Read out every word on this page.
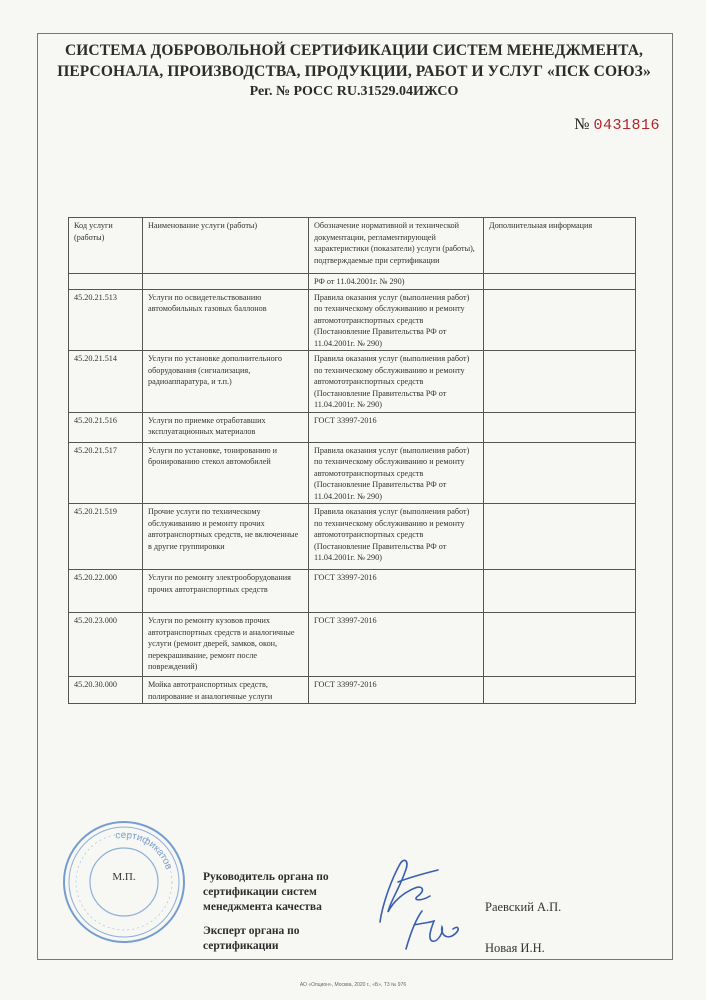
СИСТЕМА ДОБРОВОЛЬНОЙ СЕРТИФИКАЦИИ СИСТЕМ МЕНЕДЖМЕНТА,
ПЕРСОНАЛА, ПРОИЗВОДСТВА, ПРОДУКЦИИ, РАБОТ И УСЛУГ «ПСК СОЮЗ»
Рег. № РОСС RU.31529.04ИЖСО
№ 0431816
Код услуги (работы)	Наименование услуги (работы)	Обозначение нормативной и технической документации, регламентирующей характеристики (показатели) услуги (работы), подтверждаемые при сертификации	Дополнительная информация
		РФ от 11.04.2001г. № 290)	
45.20.21.513	Услуги по освидетельствованию автомобильных газовых баллонов	Правила оказания услуг (выполнения работ) по техническому обслуживанию и ремонту автомототранспортных средств (Постановление Правительства РФ от 11.04.2001г. № 290)	
45.20.21.514	Услуги по установке дополнительного оборудования (сигнализация, радиоаппаратура, и т.п.)	Правила оказания услуг (выполнения работ) по техническому обслуживанию и ремонту автомототранспортных средств (Постановление Правительства РФ от 11.04.2001г. № 290)	
45.20.21.516	Услуги по приемке отработавших эксплуатационных материалов	ГОСТ 33997-2016	
45.20.21.517	Услуги по установке, тонированию и бронированию стекол автомобилей	Правила оказания услуг (выполнения работ) по техническому обслуживанию и ремонту автомототранспортных средств (Постановление Правительства РФ от 11.04.2001г. № 290)	
45.20.21.519	Прочие услуги по техническому обслуживанию и ремонту прочих автотранспортных средств, не включенные в другие группировки	Правила оказания услуг (выполнения работ) по техническому обслуживанию и ремонту автомототранспортных средств (Постановление Правительства РФ от 11.04.2001г. № 290)	
45.20.22.000	Услуги по ремонту электрооборудования прочих автотранспортных средств	ГОСТ 33997-2016	
45.20.23.000	Услуги по ремонту кузовов прочих автотранспортных средств и аналогичные услуги (ремонт дверей, замков, окон, перекрашивание, ремонт после повреждений)	ГОСТ 33997-2016	
45.20.30.000	Мойка автотранспортных средств, полирование и аналогичные услуги	ГОСТ 33997-2016	
сертификатов
М.П.	Руководитель органа по сертификации систем менеджмента качества	Раевский А.П.
Эксперт органа по сертификации	Новая И.Н.
АО «Опцион», Москва, 2020 г., «Б», Т3 № 976
